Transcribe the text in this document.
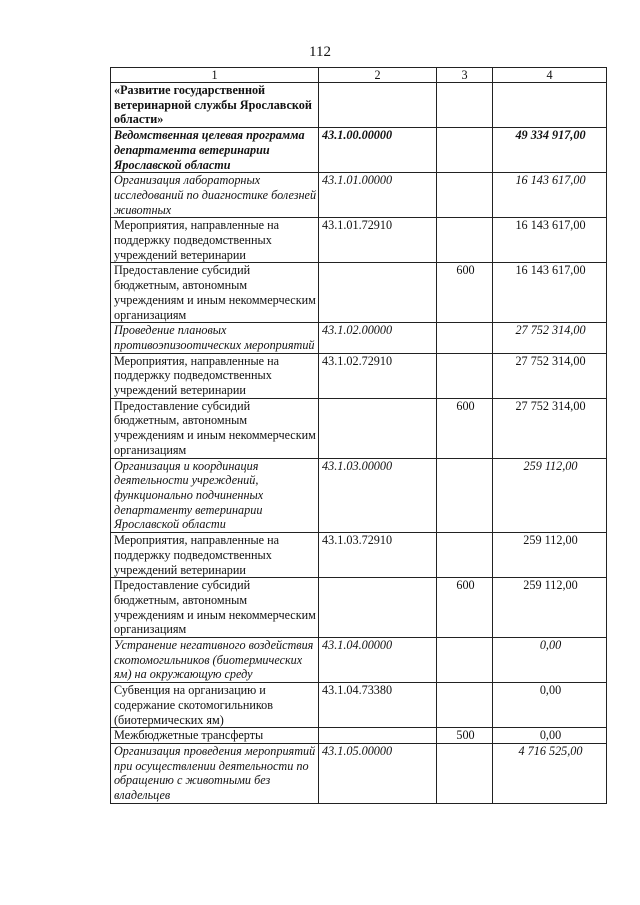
112
1	2	3	4
«Развитие государственной ветеринарной службы Ярославской области»			
Ведомственная целевая программа департамента ветеринарии Ярославской области	43.1.00.00000		49 334 917,00
Организация лабораторных исследований по диагностике болезней животных	43.1.01.00000		16 143 617,00
Мероприятия, направленные на поддержку подведомственных учреждений ветеринарии	43.1.01.72910		16 143 617,00
Предоставление субсидий бюджетным, автономным учреждениям и иным некоммерческим организациям		600	16 143 617,00
Проведение плановых противоэпизоотических мероприятий	43.1.02.00000		27 752 314,00
Мероприятия, направленные на поддержку подведомственных учреждений ветеринарии	43.1.02.72910		27 752 314,00
Предоставление субсидий бюджетным, автономным учреждениям и иным некоммерческим организациям		600	27 752 314,00
Организация и координация деятельности учреждений, функционально подчиненных департаменту ветеринарии Ярославской области	43.1.03.00000		259 112,00
Мероприятия, направленные на поддержку подведомственных учреждений ветеринарии	43.1.03.72910		259 112,00
Предоставление субсидий бюджетным, автономным учреждениям и иным некоммерческим организациям		600	259 112,00
Устранение негативного воздействия скотомогильников (биотермических ям) на окружающую среду	43.1.04.00000		0,00
Субвенция на организацию и содержание скотомогильников (биотермических ям)	43.1.04.73380		0,00
Межбюджетные трансферты		500	0,00
Организация проведения мероприятий при осуществлении деятельности по обращению с животными без владельцев	43.1.05.00000		4 716 525,00
